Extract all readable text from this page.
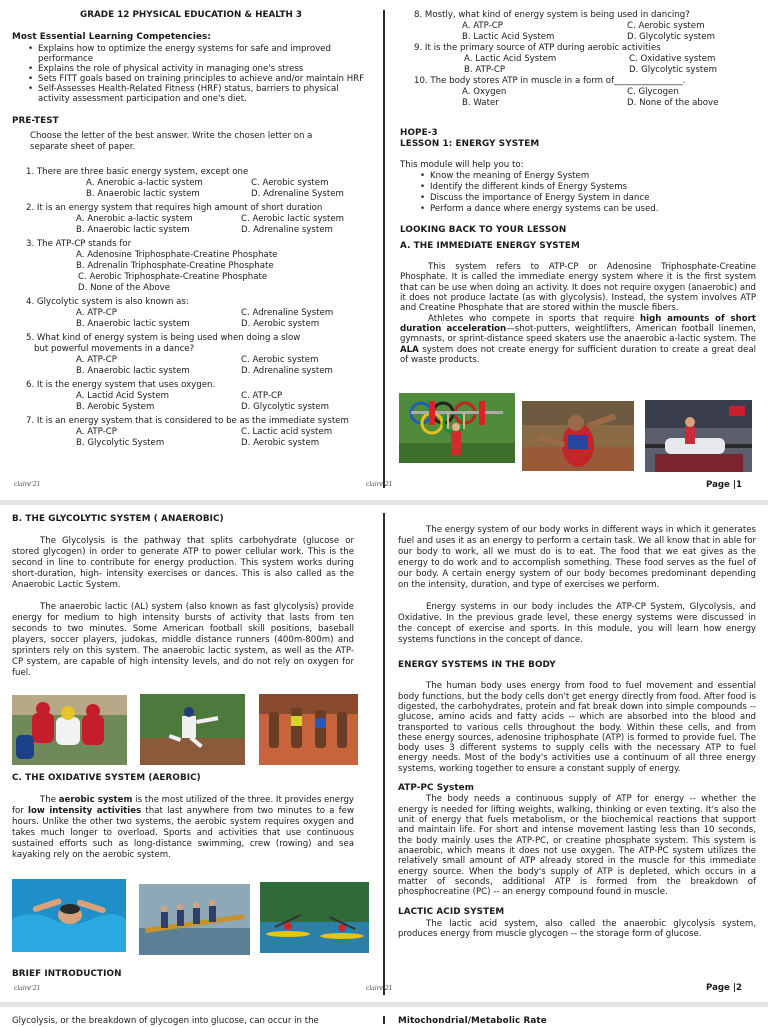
GRADE 12 PHYSICAL EDUCATION & HEALTH 3
Most Essential Learning Competencies:
• Explains how to optimize the energy systems for safe and improved performance
• Explains the role of physical activity in managing one's stress
• Sets FITT goals based on training principles to achieve and/or maintain HRF
• Self-Assesses Health-Related Fitness (HRF) status, barriers to physical activity assessment participation and one's diet.
PRE-TEST
Choose the letter of the best answer. Write the chosen letter on a separate sheet of paper.
1. There are three basic energy system, except one
A. Anerobic a-lactic system	C. Aerobic system
B. Anaerobic lactic system	D. Adrenaline System
2. It is an energy system that requires high amount of short duration
A. Anerobic a-lactic system	C. Aerobic lactic system
B. Anaerobic lactic system	D. Adrenaline system
3. The ATP-CP stands for
A. Adenosine Triphosphate-Creatine Phosphate
B. Adrenalin Triphosphate-Creatine Phosphate
C. Aerobic Triphosphate-Creatine Phosphate
D. None of the Above
4. Glycolytic system is also known as:
A. ATP-CP	C. Adrenaline System
B. Anaerobic lactic system	D. Aerobic system
5. What kind of energy system is being used when doing a slow
but powerful movements in a dance?
A. ATP-CP	C. Aerobic system
B. Anaerobic lactic system	D. Adrenaline system
6. It is the energy system that uses oxygen.
A. Lactid Acid System	C. ATP-CP
B. Aerobic System	D. Glycolytic system
7. It is an energy system that is considered to be as the immediate system
A. ATP-CP	C. Lactic acid system
B. Glycolytic System	D. Aerobic system
8. Mostly, what kind of energy system is being used in dancing?
A. ATP-CP	C. Aerobic system
B. Lactic Acid System	D. Glycolytic system
9. It is the primary source of ATP during aerobic activities
A. Lactic Acid System	C. Oxidative system
B. ATP-CP	D. Glycolytic system
10. The body stores ATP in muscle in a form of________________.
A. Oxygen	C. Glycogen
B. Water	D. None of the above
HOPE-3
LESSON 1: ENERGY SYSTEM
This module will help you to:
• Know the meaning of Energy System
• Identify the different kinds of Energy Systems
• Discuss the importance of Energy System in dance
• Perform a dance where energy systems can be used.
LOOKING BACK TO YOUR LESSON
A. THE IMMEDIATE ENERGY SYSTEM
This system refers to ATP-CP or Adenosine Triphosphate-Creatine Phosphate. It is called the immediate energy system where it is the first system that can be use when doing an activity. It does not require oxygen (anaerobic) and it does not produce lactate (as with glycolysis). Instead, the system involves ATP and Creatine Phosphate that are stored within the muscle fibers.
Athletes who compete in sports that require high amounts of short duration acceleration—shot-putters, weightlifters, American football linemen, gymnasts, or sprint-distance speed skaters use the anaerobic a-lactic system. The ALA system does not create energy for sufficient duration to create a great deal of waste products.
claire'21	claire'21	Page |1
B. THE GLYCOLYTIC SYSTEM ( ANAEROBIC)
The Glycolysis is the pathway that splits carbohydrate (glucose or stored glycogen) in order to generate ATP to power cellular work. This is the second in line to contribute for energy production. This system works during short-duration, high- intensity exercises or dances. This is also called as the Anaerobic Lactic System.
The anaerobic lactic (AL) system (also known as fast glycolysis) provide energy for medium to high intensity bursts of activity that lasts from ten seconds to two minutes. Some American football skill positions, baseball players, soccer players, judokas, middle distance runners (400m-800m) and sprinters rely on this system. The anaerobic lactic system, as well as the ATP-CP system, are capable of high intensity levels, and do not rely on oxygen for fuel.
C. THE OXIDATIVE SYSTEM (AEROBIC)
The aerobic system is the most utilized of the three. It provides energy for low intensity activities that last anywhere from two minutes to a few hours. Unlike the other two systems, the aerobic system requires oxygen and takes much longer to overload. Sports and activities that use continuous sustained efforts such as long-distance swimming, crew (rowing) and sea kayaking rely on the aerobic system.
BRIEF INTRODUCTION
The energy system of our body works in different ways in which it generates fuel and uses it as an energy to perform a certain task. We all know that in able for our body to work, all we must do is to eat. The food that we eat gives as the energy to do work and to accomplish something. These food serves as the fuel of our body. A certain energy system of our body becomes predominant depending on the intensity, duration, and type of exercises we perform.
Energy systems in our body includes the ATP-CP System, Glycolysis, and Oxidative. In the previous grade level, these energy systems were discussed in the concept of exercise and sports. In this module, you will learn how energy systems functions in the concept of dance.
ENERGY SYSTEMS IN THE BODY
The human body uses energy from food to fuel movement and essential body functions, but the body cells don't get energy directly from food. After food is digested, the carbohydrates, protein and fat break down into simple compounds -- glucose, amino acids and fatty acids -- which are absorbed into the blood and transported to various cells throughout the body. Within these cells, and from these energy sources, adenosine triphosphate (ATP) is formed to provide fuel. The body uses 3 different systems to supply cells with the necessary ATP to fuel energy needs. Most of the body's activities use a continuum of all three energy systems, working together to ensure a constant supply of energy.
ATP-PC System
The body needs a continuous supply of ATP for energy -- whether the energy is needed for lifting weights, walking, thinking or even texting. It's also the unit of energy that fuels metabolism, or the biochemical reactions that support and maintain life. For short and intense movement lasting less than 10 seconds, the body mainly uses the ATP-PC, or creatine phosphate system. This system is anaerobic, which means it does not use oxygen. The ATP-PC system utilizes the relatively small amount of ATP already stored in the muscle for this immediate energy source. When the body's supply of ATP is depleted, which occurs in a matter of seconds, additional ATP is formed from the breakdown of phosphocreatine (PC) -- an energy compound found in muscle.
LACTIC ACID SYSTEM
The lactic acid system, also called the anaerobic glycolysis system, produces energy from muscle glycogen -- the storage form of glucose.
claire'21	claire'21	Page |2
Glycolysis, or the breakdown of glycogen into glucose, can occur in the	Mitochondrial/Metabolic Rate
